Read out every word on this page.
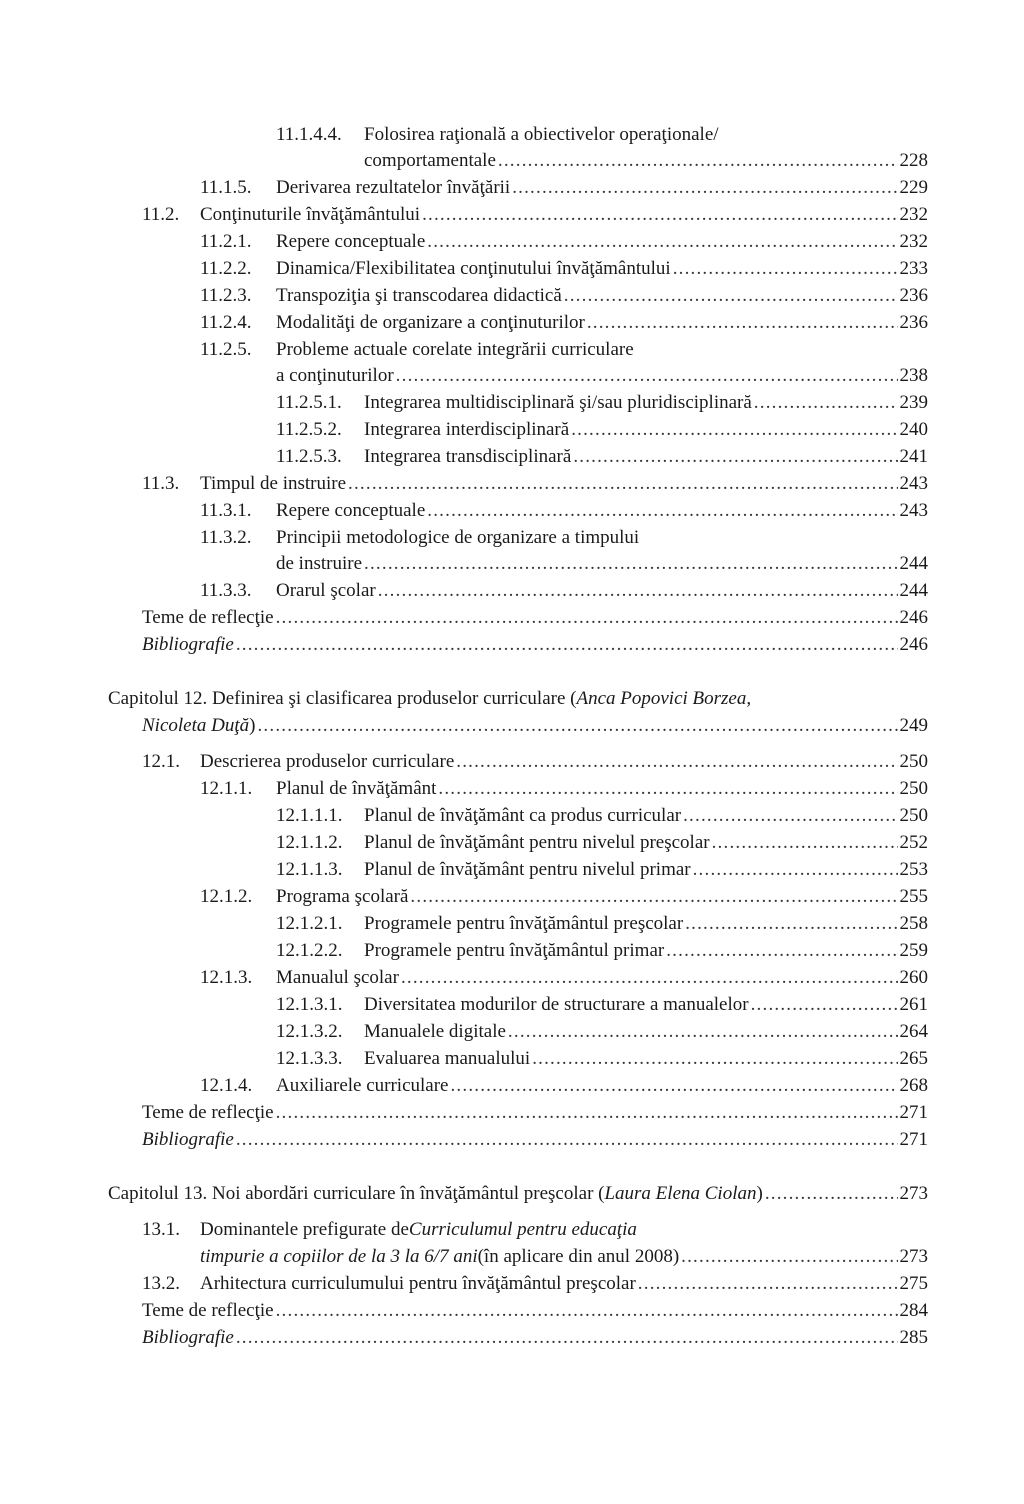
11.1.4.4.	Folosirea raţională a obiectivelor operaţionale/
comportamentale .....	228
11.1.5.	Derivarea rezultatelor învăţării .....	229
11.2.	Conţinuturile învăţământului .....	232
11.2.1.	Repere conceptuale .....	232
11.2.2.	Dinamica/Flexibilitatea conţinutului învăţământului .....	233
11.2.3.	Transpoziţia şi transcodarea didactică .....	236
11.2.4.	Modalităţi de organizare a conţinuturilor .....	236
11.2.5.	Probleme actuale corelate integrării curriculare
a conţinuturilor .....	238
11.2.5.1.	Integrarea multidisciplinară şi/sau pluridisciplinară .....	239
11.2.5.2.	Integrarea interdisciplinară .....	240
11.2.5.3.	Integrarea transdisciplinară .....	241
11.3.	Timpul de instruire .....	243
11.3.1.	Repere conceptuale .....	243
11.3.2.	Principii metodologice de organizare a timpului
de instruire .....	244
11.3.3.	Orarul şcolar .....	244
Teme de reflecţie .....	246
Bibliografie .....	246
Capitolul 12. Definirea şi clasificarea produselor curriculare ( Anca Popovici Borzea,
Nicoleta Duţă ) .....	249
12.1.	Descrierea produselor curriculare .....	250
12.1.1.	Planul de învăţământ .....	250
12.1.1.1.	Planul de învăţământ ca produs curricular .....	250
12.1.1.2.	Planul de învăţământ pentru nivelul preşcolar .....	252
12.1.1.3.	Planul de învăţământ pentru nivelul primar .....	253
12.1.2.	Programa şcolară .....	255
12.1.2.1.	Programele pentru învăţământul preşcolar .....	258
12.1.2.2.	Programele pentru învăţământul primar .....	259
12.1.3.	Manualul şcolar .....	260
12.1.3.1.	Diversitatea modurilor de structurare a manualelor .....	261
12.1.3.2.	Manualele digitale .....	264
12.1.3.3.	Evaluarea manualului .....	265
12.1.4.	Auxiliarele curriculare .....	268
Teme de reflecţie .....	271
Bibliografie .....	271
Capitolul 13. Noi abordări curriculare în învăţământul preşcolar ( Laura Elena Ciolan ) .....	273
13.1.	Dominantele prefigurate de Curriculumul pentru educaţia
timpurie a copiilor de la 3 la 6/7 ani (în aplicare din anul 2008) .....	273
13.2.	Arhitectura curriculumului pentru învăţământul preşcolar .....	275
Teme de reflecţie .....	284
Bibliografie .....	285
